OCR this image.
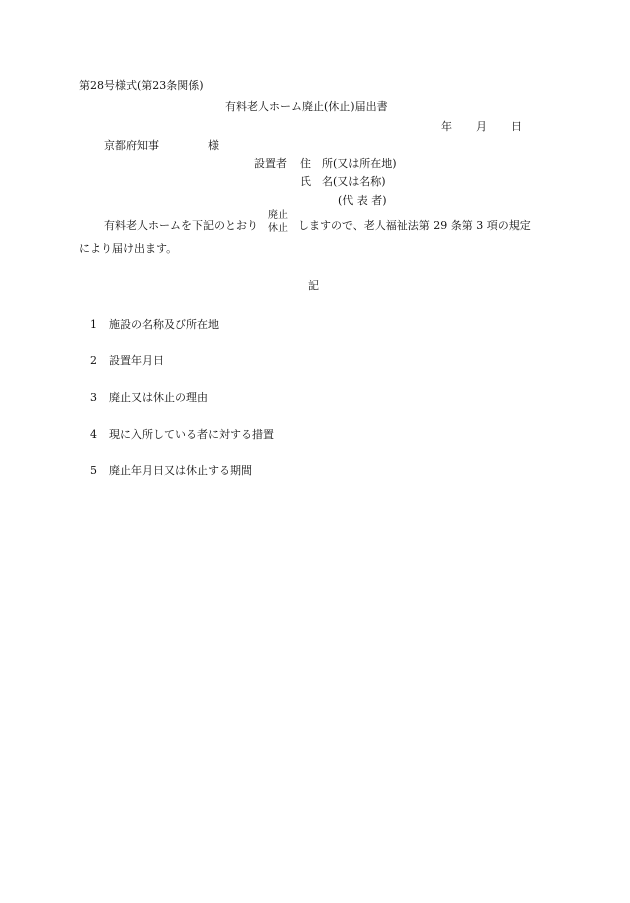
第28号様式(第23条関係)
有料老人ホーム廃止(休止)届出書
年 月 日
京都府知事	様
設置者 住　所(又は所在地)
氏　名(又は名称)
(代 表 者)
有料老人ホームを下記のとおり
廃止
休止 しますので、老人福祉法第 29 条第 3 項の規定
により届け出ます。
記
1 施設の名称及び所在地
2 設置年月日
3 廃止又は休止の理由
4 現に入所している者に対する措置
5 廃止年月日又は休止する期間
